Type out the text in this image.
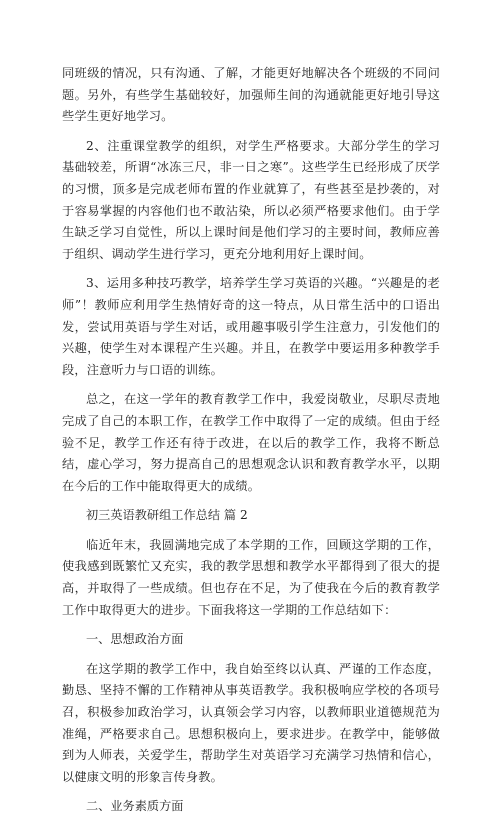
同班级的情况，只有沟通、了解，才能更好地解决各个班级的不同问题。另外，有些学生基础较好，加强师生间的沟通就能更好地引导这些学生更好地学习。

2、注重课堂教学的组织，对学生严格要求。大部分学生的学习基础较差，所谓“冰冻三尺，非一日之寒”。这些学生已经形成了厌学的习惯，顶多是完成老师布置的作业就算了，有些甚至是抄袭的，对于容易掌握的内容他们也不敢沾染，所以必须严格要求他们。由于学生缺乏学习自觉性，所以上课时间是他们学习的主要时间，教师应善于组织、调动学生进行学习，更充分地利用好上课时间。

3、运用多种技巧教学，培养学生学习英语的兴趣。“兴趣是的老师”！教师应利用学生热情好奇的这一特点，从日常生活中的口语出发，尝试用英语与学生对话，或用趣事吸引学生注意力，引发他们的兴趣，使学生对本课程产生兴趣。并且，在教学中要运用多种教学手段，注意听力与口语的训练。

总之，在这一学年的教育教学工作中，我爱岗敬业，尽职尽责地完成了自己的本职工作，在教学工作中取得了一定的成绩。但由于经验不足，教学工作还有待于改进，在以后的教学工作，我将不断总结，虚心学习，努力提高自己的思想观念认识和教育教学水平，以期在今后的工作中能取得更大的成绩。

初三英语教研组工作总结 篇 2

临近年末，我圆满地完成了本学期的工作，回顾这学期的工作，使我感到既繁忙又充实，我的教学思想和教学水平都得到了很大的提高，并取得了一些成绩。但也存在不足，为了使我在今后的教育教学工作中取得更大的进步。下面我将这一学期的工作总结如下：

一、思想政治方面

在这学期的教学工作中，我自始至终以认真、严谨的工作态度，勤恳、坚持不懈的工作精神从事英语教学。我积极响应学校的各项号召，积极参加政治学习，认真领会学习内容，以教师职业道德规范为准绳，严格要求自己。思想积极向上，要求进步。在教学中，能够做到为人师表，关爱学生，帮助学生对英语学习充满学习热情和信心，以健康文明的形象言传身教。

二、业务素质方面
